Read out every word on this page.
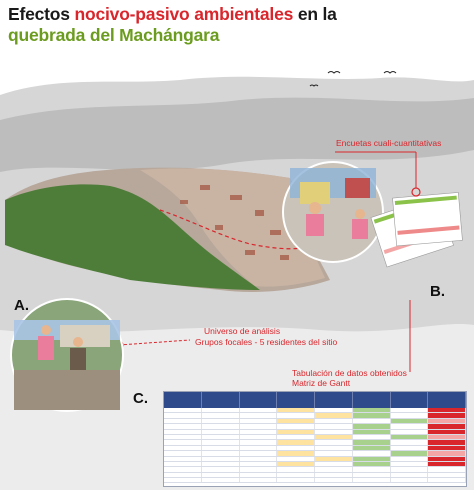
Efectos nocivo-pasivo ambientales en la
quebrada del Machángara
A.
B.
C.
Encuetas cuali-cuantitativas
Universo de análisis
Grupos focales - 5 residentes del sitio
Tabulación de datos obtenidos
Matriz de Gantt
